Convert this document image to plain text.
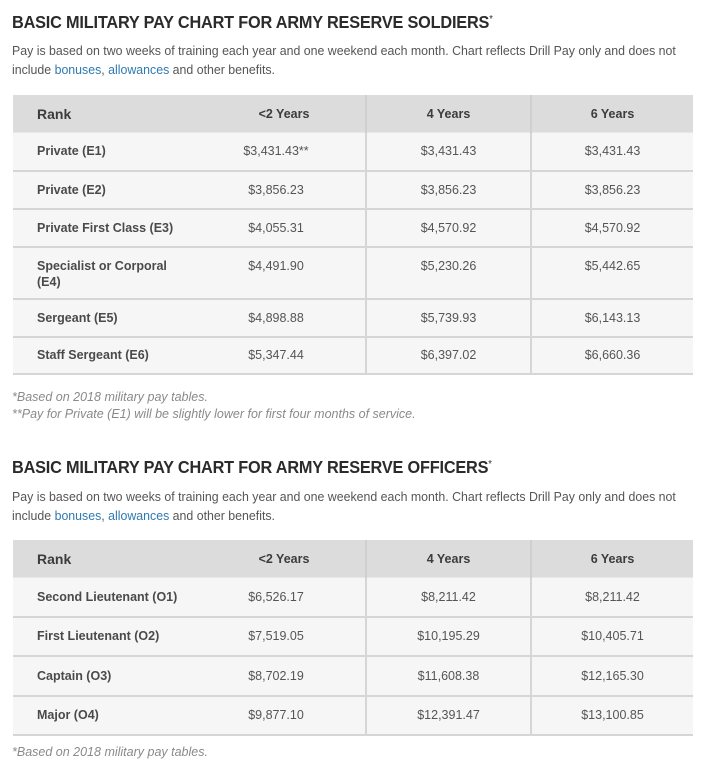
BASIC MILITARY PAY CHART FOR ARMY RESERVE SOLDIERS*

Pay is based on two weeks of training each year and one weekend each month. Chart reflects Drill Pay only and does not include bonuses, allowances and other benefits.

Rank	<2 Years	4 Years	6 Years
Private (E1)	$3,431.43**	$3,431.43	$3,431.43
Private (E2)	$3,856.23	$3,856.23	$3,856.23
Private First Class (E3)	$4,055.31	$4,570.92	$4,570.92
Specialist or Corporal (E4)	$4,491.90	$5,230.26	$5,442.65
Sergeant (E5)	$4,898.88	$5,739.93	$6,143.13
Staff Sergeant (E6)	$5,347.44	$6,397.02	$6,660.36

*Based on 2018 military pay tables.

**Pay for Private (E1) will be slightly lower for first four months of service.

BASIC MILITARY PAY CHART FOR ARMY RESERVE OFFICERS*

Pay is based on two weeks of training each year and one weekend each month. Chart reflects Drill Pay only and does not include bonuses, allowances and other benefits.

Rank	<2 Years	4 Years	6 Years
Second Lieutenant (O1)	$6,526.17	$8,211.42	$8,211.42
First Lieutenant (O2)	$7,519.05	$10,195.29	$10,405.71
Captain (O3)	$8,702.19	$11,608.38	$12,165.30
Major (O4)	$9,877.10	$12,391.47	$13,100.85

*Based on 2018 military pay tables.
